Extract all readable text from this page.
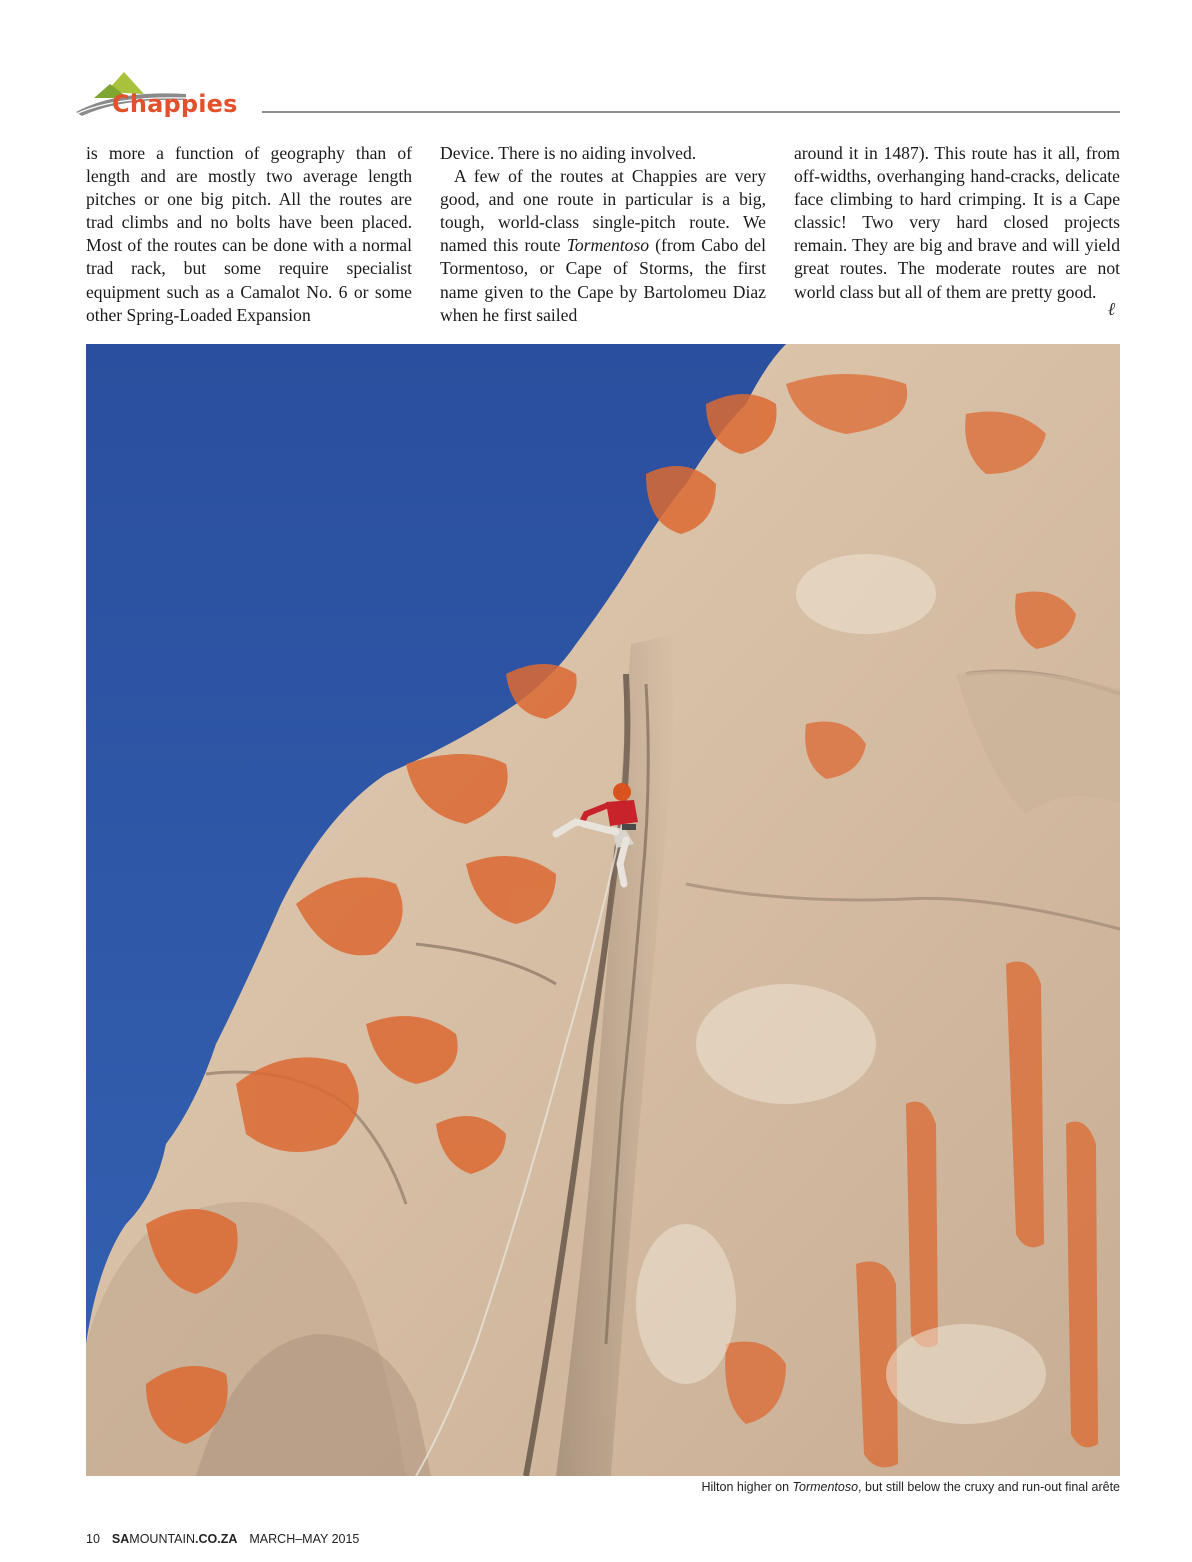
Chappies

is more a function of geography than of length and are mostly two average length pitches or one big pitch. All the routes are trad climbs and no bolts have been placed. Most of the routes can be done with a normal trad rack, but some require specialist equipment such as a Camalot No. 6 or some other Spring-Loaded Expansion

Device. There is no aiding involved.

A few of the routes at Chappies are very good, and one route in particular is a big, tough, world-class single-pitch route. We named this route Tormentoso (from Cabo del Tormentoso, or Cape of Storms, the first name given to the Cape by Bartolomeu Diaz when he first sailed

around it in 1487). This route has it all, from off-widths, overhanging hand-cracks, delicate face climbing to hard crimping. It is a Cape classic! Two very hard closed projects remain. They are big and brave and will yield great routes. The moderate routes are not world class but all of them are pretty good.

ℓ
Hilton higher on Tormentoso, but still below the cruxy and run-out final arête
10 SAMOUNTAIN.CO.ZA MARCH–MAY 2015
